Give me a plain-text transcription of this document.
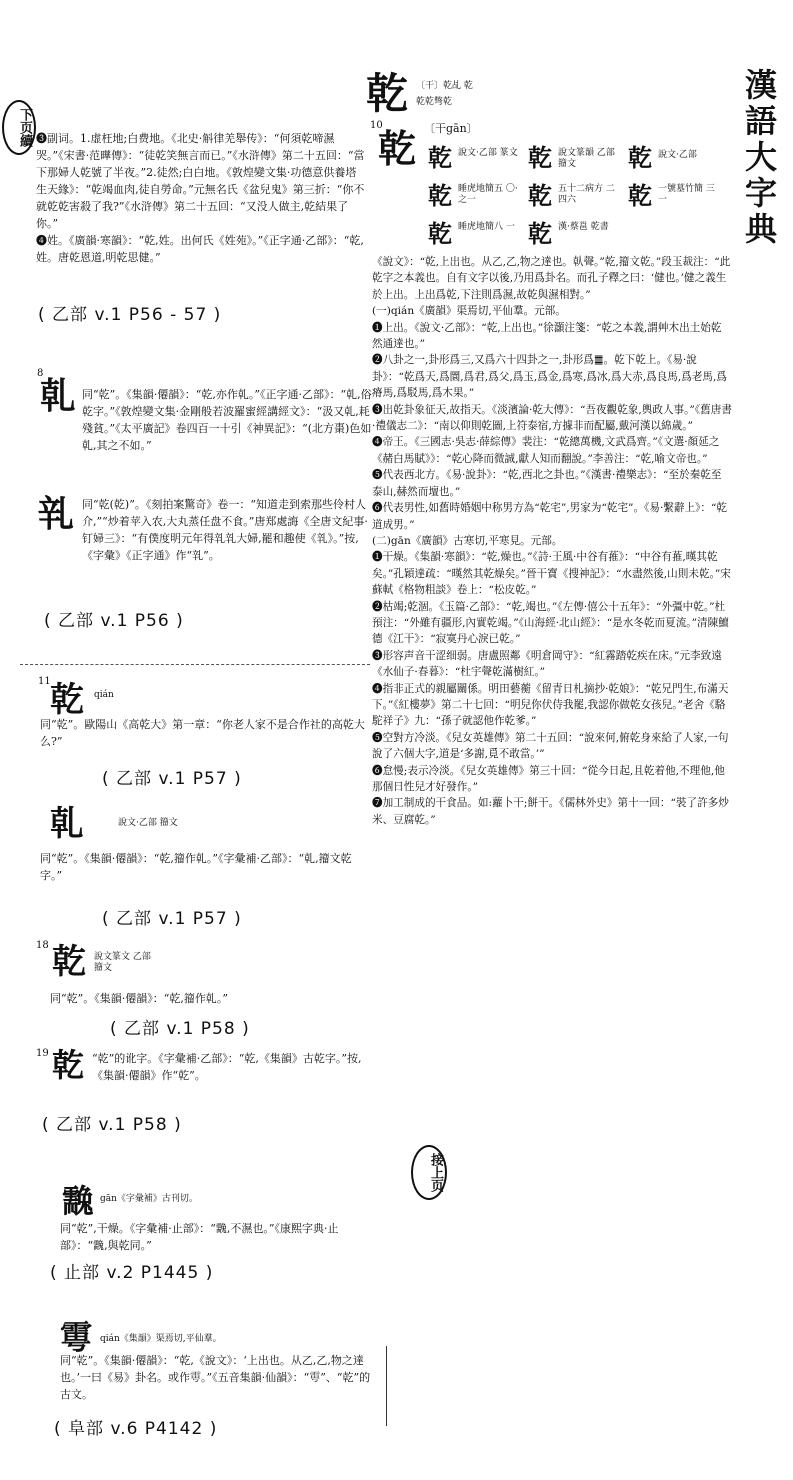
漢語大字典
下页續
接上页
乾 〔干〕乾乩 乾
乾乾彆乾
❸副词。1.虚枉地;白费地。《北史·斛律羌舉传》：“何須乾啼濕哭。”《宋書·范曄傳》：“徒乾笑無言而已。”《水浒傳》第二十五回：“當下那婦人乾號了半夜。”2.徒然;白白地。《敦煌變文集·功德意供養塔生天緣》：“乾竭血肉,徒自勞命。”元無名氏《盆兒鬼》第三折：“你不就乾乾害殺了我?”《水浒傳》第二十五回：“又没人做主,乾結果了你。”
❹姓。《廣韻·寒韻》：“乾,姓。出何氏《姓苑》。”《正字通·乙部》：“乾,姓。唐乾恩道,明乾思健。”
( 乙部 v.1 P56 - 57 )
8
乹 同“乾”。《集韻·僊韻》：“乾,亦作乹。”《正字通·乙部》：“乹,俗乾字。”《敦煌變文集·金剛般若波羅蜜經講經文》：“汲又乹,耗殘貧。”《太平廣記》卷四百一十引《神異記》：“(北方棗)色如乹,其之不如。”
乵 同“乾(乾)”。《刻拍案驚奇》卷一：“知道走到索那些伶村人介,”“炒着苹入农,大丸蒸任盘不食。”唐郑處誨《全唐文紀事·钉婦三》：“有僕度明元年得乵乵大婦,罷和趣使《乵》。”按,《字彙》《正字通》作“乵”。
( 乙部 v.1 P56 )
11 乾 qián
同“乾”。歐陽山《高乾大》第一章：“你老人家不是合作社的高乾大么?”
( 乙部 v.1 P57 )
乹	說文·乙部 籀文
同“乾”。《集韻·僊韻》：“乾,籀作乹。”《字彙補·乙部》：“乹,籀文乾字。”
( 乙部 v.1 P57 )
18 乾 說文篆文 乙部籀文
同“乾”。《集韻·僊韻》：“乾,籀作乹。”
( 乙部 v.1 P58 )
19 乾 “乾”的讹字。《字彙補·乙部》：“乾,《集韻》古乾字。”按,《集韻·僊韻》作“乾”。
( 乙部 v.1 P58 )
䨲 gān《字彙補》古刊切。
同“乾”,干燥。《字彙補·止部》：“䨲,不濕也。”《康熙字典·止部》：“䨲,與乾同。”
( 止部 v.2 P1445 )
𩂾 qián《集韻》渠焉切,平仙羣。
同“乾”。《集韻·僊韻》：“乾,《說文》：‘上出也。从乙,乙,物之達也。’一曰《易》卦名。或作𩂾。”《五音集韻·仙韻》：“𩂾”、“乾”的古文。
( 阜部 v.6 P4142 )
10
乾 〔干gān〕
乾 說文·乙部 篆文 乾 說文篆韻 乙部籀文	乾 說文·乙部
乾 睡虎地簡五 〇·之一	乾 五十二病方 二四六	乾 一號墓竹簡 三一
乾 睡虎地簡八 一 乾 漢·蔡邕 乾書
《說文》：“乾,上出也。从乙,乙,物之達也。倝聲。”乾,籀文乾。”段玉裁注：“此乾字之本義也。自有文字以後,乃用爲卦名。而孔子釋之曰：‘健也。’健之義生於上出。上出爲乾,下注則爲濕,故乾與濕相對。”
(一)qián《廣韻》渠焉切,平仙羣。元部。
❶上出。《說文·乙部》：“乾,上出也。”徐灝注箋：“乾之本義,謂艸木出土始乾然通達也。”
❷八卦之一,卦形爲三,又爲六十四卦之一,卦形爲䷀。乾下乾上。《易·說卦》：“乾爲天,爲圜,爲君,爲父,爲玉,爲金,爲寒,爲冰,爲大赤,爲良馬,爲老馬,爲瘠馬,爲駁馬,爲木果。”
❸出乾卦象征天,故指天。《淡濱論·乾大傳》：“吾夜觀乾象,輿政人事。”《舊唐書·禮儀志二》：“南以仰則乾圖,上符泰宿,方據非而配屬,戴河漢以綿歲。”
❹帝王。《三國志·吳志·薛綜傳》裴注：“乾總萬機,文武爲齊。”《文選·顏延之《赭白馬賦》》：“乾心降而微誠,獻人知而翻說。”李善注：“乾,喻文帝也。”
❺代表西北方。《易·說卦》：“乾,西北之卦也。”《漢書·禮樂志》：“至於秦乾至泰山,赫然而壇也。”
❻代表男性,如舊時婚姻中称男方為“乾宅”,男家为“乾宅”。《易·繫辭上》：“乾道成男。”
(二)gān《廣韻》古寒切,平寒見。元部。
❶干燥。《集韻·寒韻》：“乾,燥也。”《詩·王風·中谷有蓷》：“中谷有蓷,暵其乾矣。”孔穎達疏：“暵然其乾燥矣。”晉干寶《搜神記》：“水盡然後,山則未乾。”宋蘇軾《格物粗談》卷上：“松皮乾。”
❷枯竭;乾涸。《玉篇·乙部》：“乾,竭也。”《左傳·僖公十五年》：“外彊中乾。”杜預注：“外雖有疆形,內實乾竭。”《山海經·北山經》：“是水冬乾而夏流。”清陳鱣德《江干》：“寂寞丹心淚已乾。”
❸形容声音干涩细弱。唐盧照鄰《明倉岡守》：“紅霧踏乾疾在床。”元李致遠《水仙子·春暮》：“杜宇聲乾滿樹紅。”
❹指非正式的親屬關係。明田藝蘅《留青日札摘抄·乾娘》：“乾兄門生,布滿天下。”《紅樓夢》第二十七回：“明兒你伏侍我罷,我認你做乾女孩兒。”老舍《駱駝祥子》九：“孫子就認他作乾爹。”
❺空對方冷淡。《兒女英雄傳》第二十五回：“說來何,俯乾身來給了人家,一句說了六個大字,道是‘多謝,覓不敢當。’”
❻怠慢;表示冷淡。《兒女英雄傳》第三十回：“從今日起,且乾着他,不理他,他那個日性兒才好發作。”
❼加工制成的干食品。如:蘿卜干;餅干。《儒林外史》第十一回：“裝了許多炒米、豆腐乾。”
